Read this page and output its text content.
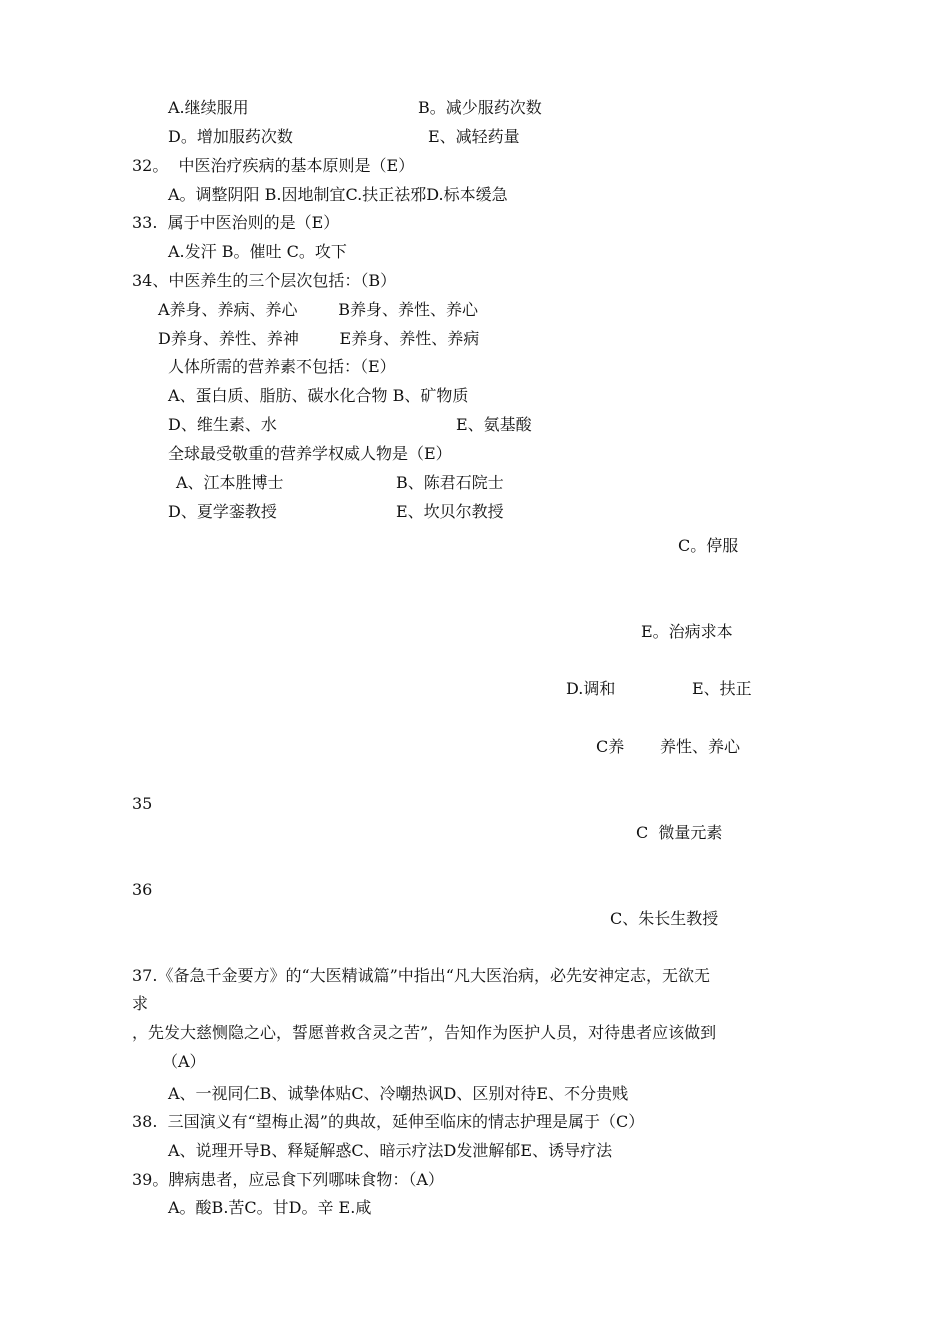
A.继续服用	B。减少服药次数
D。增加服药次数	E、减轻药量
32。  中医治疗疾病的基本原则是（E）
A。调整阴阳 B.因地制宜C.扶正祛邪D.标本缓急
33.  属于中医治则的是（E）
A.发汗 B。催吐 C。攻下
34、中医养生的三个层次包括：（B）
A养身、养病、养心        B养身、养性、养心
D养身、养性、养神        E养身、养性、养病
人体所需的营养素不包括：（E）
A、蛋白质、脂肪、碳水化合物 B、矿物质
D、维生素、水	E、氨基酸
全球最受敬重的营养学权威人物是（E）
A、江本胜博士	B、陈君石院士
D、夏学銮教授	E、坎贝尔教授
C。停服
E。治病求本
D.调和	E、扶正
C养 养性、养心
35
C  微量元素
36
C、朱长生教授
37.《备急千金要方》的“大医精诚篇”中指出“凡大医治病，必先安神定志，无欲无
求
，先发大慈恻隐之心，誓愿普救含灵之苦”，告知作为医护人员，对待患者应该做到
（A）
A、一视同仁B、诚挚体贴C、冷嘲热讽D、区别对待E、不分贵贱
38.  三国演义有“望梅止渴”的典故，延伸至临床的情志护理是属于（C）
A、说理开导B、释疑解惑C、暗示疗法D发泄解郁E、诱导疗法
39。脾病患者，应忌食下列哪味食物：（A）
A。酸B.苦C。甘D。辛 E.咸
